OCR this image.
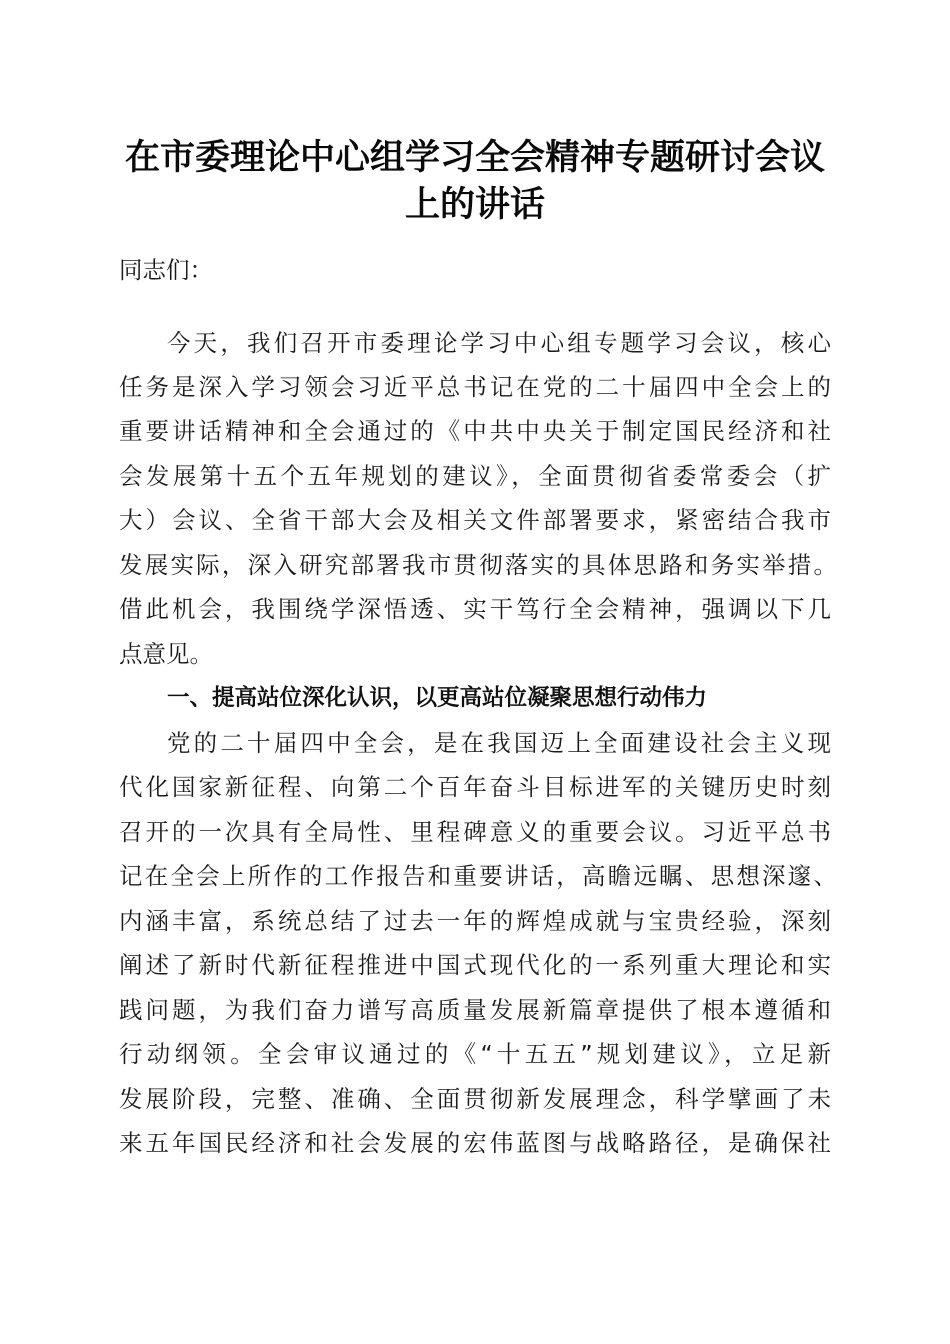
在市委理论中心组学习全会精神专题研讨会议
上的讲话
同志们：
今天，我们召开市委理论学习中心组专题学习会议，核心
任务是深入学习领会习近平总书记在党的二十届四中全会上的
重要讲话精神和全会通过的《中共中央关于制定国民经济和社
会发展第十五个五年规划的建议》，全面贯彻省委常委会（扩
大）会议、全省干部大会及相关文件部署要求，紧密结合我市
发展实际，深入研究部署我市贯彻落实的具体思路和务实举措。
借此机会，我围绕学深悟透、实干笃行全会精神，强调以下几
点意见。
一、提高站位深化认识，以更高站位凝聚思想行动伟力
党的二十届四中全会，是在我国迈上全面建设社会主义现
代化国家新征程、向第二个百年奋斗目标进军的关键历史时刻
召开的一次具有全局性、里程碑意义的重要会议。习近平总书
记在全会上所作的工作报告和重要讲话，高瞻远瞩、思想深邃、
内涵丰富，系统总结了过去一年的辉煌成就与宝贵经验，深刻
阐述了新时代新征程推进中国式现代化的一系列重大理论和实
践问题，为我们奋力谱写高质量发展新篇章提供了根本遵循和
行动纲领。全会审议通过的《“十五五”规划建议》，立足新
发展阶段，完整、准确、全面贯彻新发展理念，科学擘画了未
来五年国民经济和社会发展的宏伟蓝图与战略路径，是确保社
